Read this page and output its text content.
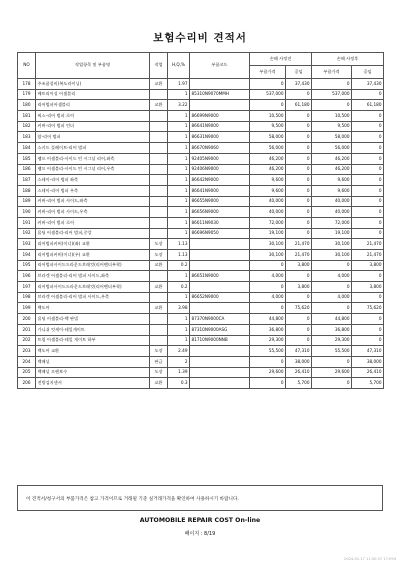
보험수리비 견적서
NO	작업항목 및 부품명	작업	H,Q,%	부품코드	손해 사정전		손해 사정후	
					부품가격	공임	부품가격	공임
178	주조품설비(복도라이닝)	교환	1.97		0	37,430	0	37,430
179	배트리이싱 어셈블리		1	85310N9070MMH	537,000	0	537,000	0
180	리어범퍼어셈블리	교환	3.22		0	61,180	0	61,180
181	픽스-리어 범퍼 로어		1	86699N9000	10,500	0	10,500	0
182	커버-리어 범퍼 언더		1	86641N9000	9,500	0	9,500	0
183	암-리어 범퍼		1	86631N9000	58,000	0	58,000	0
184	스키드 플레이트-리어 범퍼		1	86670N9060	56,000	0	56,000	0
185	램프 어셈블리-사이드 턴 시그널 리어,좌측		1	92405N9000	46,200	0	46,200	0
186	램프 어셈블리-사이드 턴 시그널 리어,우측		1	92406N9000	46,200	0	46,200	0
187	스테이-리어 범퍼 좌측		1	86642N9000	9,600	0	9,600	0
188	스테이-리어 범퍼 우측		1	86641N9000	9,600	0	9,600	0
189	커버-리어 범퍼 사이드,좌측		1	86655N9000	40,000	0	40,000	0
190	커버-리어 범퍼 사이드,우측		1	86656N9000	40,000	0	40,000	0
191	커버-리어 범퍼 로어		1	86611N9030	72,000	0	72,000	0
192	몰딩 어셈블리-리어 범퍼,중앙		1	86696N9050	19,100	0	19,100	0
193	리어범퍼커버(이너)(좌) 교환	도장	1.13		30,100	21,470	30,100	21,470
194	리어범퍼커버(이너)(우) 교환	도장	1.13		30,100	21,470	30,100	21,470
195	리어범퍼사이드드라운드브래킷(리어펜더부착)	교환	0.2		0	3,800	0	3,800
196	브라켓 어셈블리-리어 범퍼 사이드,좌측		1	86651N9000	4,000	0	4,000	0
197	리어범퍼사이드드라운드브래킷(리어펜더부착)	교환	0.2		0	3,800	0	3,800
198	브라켓 어셈블리-리어 범퍼 사이드,우측		1	86652N9000	4,000	0	4,000	0
199	백도어	교환	3.98		0	75,620	0	75,620
200	몰딩 어셈블리-백 판넬		1	87370N9000CA	44,800	0	44,800	0
201	가니쉬 엇세이-테일게이트		1	87310N9000ASG	36,800	0	36,800	0
202	트림 어셈블리-테일 게이트 하부		1	81710N9000NNB	29,300	0	29,300	0
203	백도어 교환	도장	2.49		55,500	47,310	55,500	47,310
204	백패널	판금	2		0	38,000	0	38,000
205	백패널 프랜보수	도장	1.39		29,600	26,410	29,600	26,410
206	전방검지센서	교환	0.3		0	5,700	0	5,700
이 견적서/청구서의 부품가격은 참고 가격이므로 거래될 기준 실거래가격을 확인하여 사용하시기 바랍니다.
AUTOMOBILE REPAIR COST On-line
페이지 : 8/19
2024-01-17 11:50:37 17:094
